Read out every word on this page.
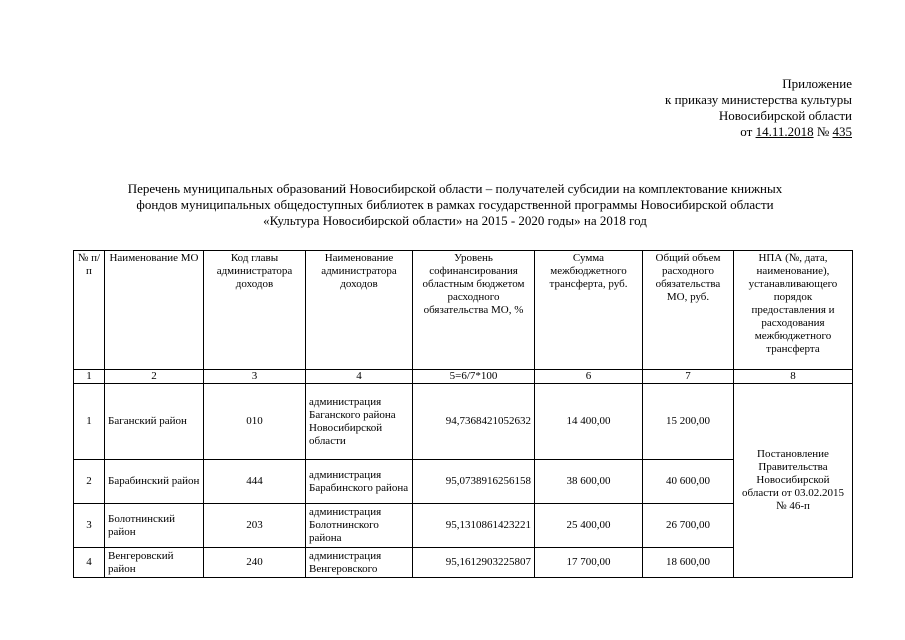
Приложение
к приказу министерства культуры
Новосибирской области
от 14.11.2018 № 435
Перечень муниципальных образований Новосибирской области – получателей субсидии на комплектование книжных
фондов муниципальных общедоступных библиотек в рамках государственной программы Новосибирской области
«Культура Новосибирской области» на 2015 - 2020 годы» на 2018 год
№ п/п	Наименование МО	Код главы администратора доходов	Наименование администратора доходов	Уровень софинансирования областным бюджетом расходного обязательства МО, %	Сумма межбюджетного трансферта, руб.	Общий объем расходного обязательства МО, руб.	НПА (№, дата, наименование), устанавливающего порядок предоставления и расходования межбюджетного трансферта
1	2	3	4	5=6/7*100	6	7	8
1	Баганский район	010	администрация Баганского района Новосибирской области	94,7368421052632	14 400,00	15 200,00	Постановление Правительства Новосибирской области от 03.02.2015 № 46-п
2	Барабинский район	444	администрация Барабинского района	95,0738916256158	38 600,00	40 600,00	
3	Болотнинский район	203	администрация Болотнинского района	95,1310861423221	25 400,00	26 700,00	
4	Венгеровский район	240	администрация Венгеровского	95,1612903225807	17 700,00	18 600,00	
